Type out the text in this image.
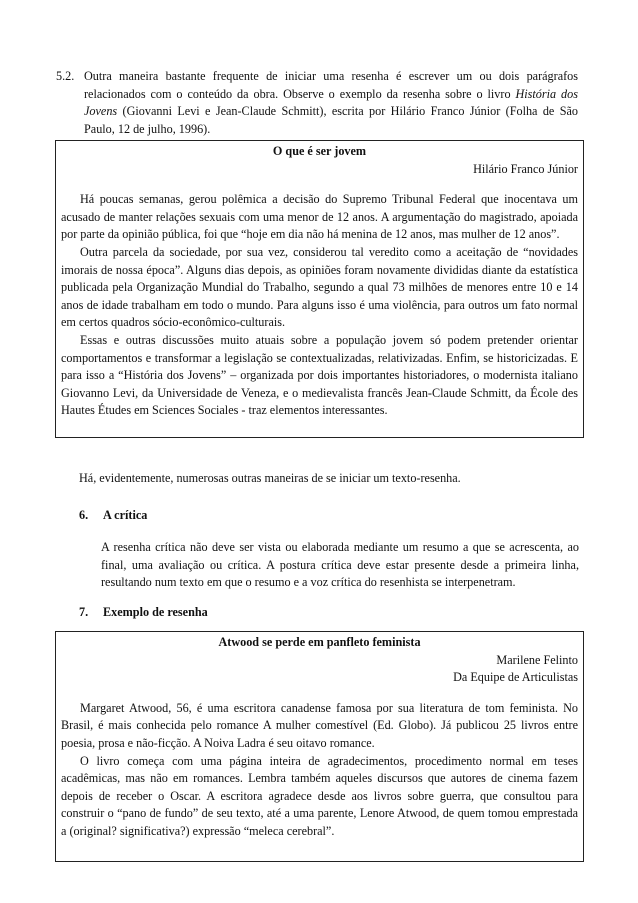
5.2. Outra maneira bastante frequente de iniciar uma resenha é escrever um ou dois parágrafos relacionados com o conteúdo da obra. Observe o exemplo da resenha sobre o livro História dos Jovens (Giovanni Levi e Jean-Claude Schmitt), escrita por Hilário Franco Júnior (Folha de São Paulo, 12 de julho, 1996).

O que é ser jovem

Hilário Franco Júnior

Há poucas semanas, gerou polêmica a decisão do Supremo Tribunal Federal que inocentava um acusado de manter relações sexuais com uma menor de 12 anos. A argumentação do magistrado, apoiada por parte da opinião pública, foi que “hoje em dia não há menina de 12 anos, mas mulher de 12 anos”.

Outra parcela da sociedade, por sua vez, considerou tal veredito como a aceitação de “novidades imorais de nossa época”. Alguns dias depois, as opiniões foram novamente divididas diante da estatística publicada pela Organização Mundial do Trabalho, segundo a qual 73 milhões de menores entre 10 e 14 anos de idade trabalham em todo o mundo. Para alguns isso é uma violência, para outros um fato normal em certos quadros sócio-econômico-culturais.

Essas e outras discussões muito atuais sobre a população jovem só podem pretender orientar comportamentos e transformar a legislação se contextualizadas, relativizadas. Enfim, se historicizadas. E para isso a “História dos Jovens” – organizada por dois importantes historiadores, o modernista italiano Giovanno Levi, da Universidade de Veneza, e o medievalista francês Jean-Claude Schmitt, da École des Hautes Études em Sciences Sociales - traz elementos interessantes.

Há, evidentemente, numerosas outras maneiras de se iniciar um texto-resenha.

6. A crítica

A resenha crítica não deve ser vista ou elaborada mediante um resumo a que se acrescenta, ao final, uma avaliação ou crítica. A postura crítica deve estar presente desde a primeira linha, resultando num texto em que o resumo e a voz crítica do resenhista se interpenetram.

7. Exemplo de resenha

Atwood se perde em panfleto feminista

Marilene Felinto

Da Equipe de Articulistas

Margaret Atwood, 56, é uma escritora canadense famosa por sua literatura de tom feminista. No Brasil, é mais conhecida pelo romance A mulher comestível (Ed. Globo). Já publicou 25 livros entre poesia, prosa e não-ficção. A Noiva Ladra é seu oitavo romance.

O livro começa com uma página inteira de agradecimentos, procedimento normal em teses acadêmicas, mas não em romances. Lembra também aqueles discursos que autores de cinema fazem depois de receber o Oscar. A escritora agradece desde aos livros sobre guerra, que consultou para construir o “pano de fundo” de seu texto, até a uma parente, Lenore Atwood, de quem tomou emprestada a (original? significativa?) expressão “meleca cerebral”.
